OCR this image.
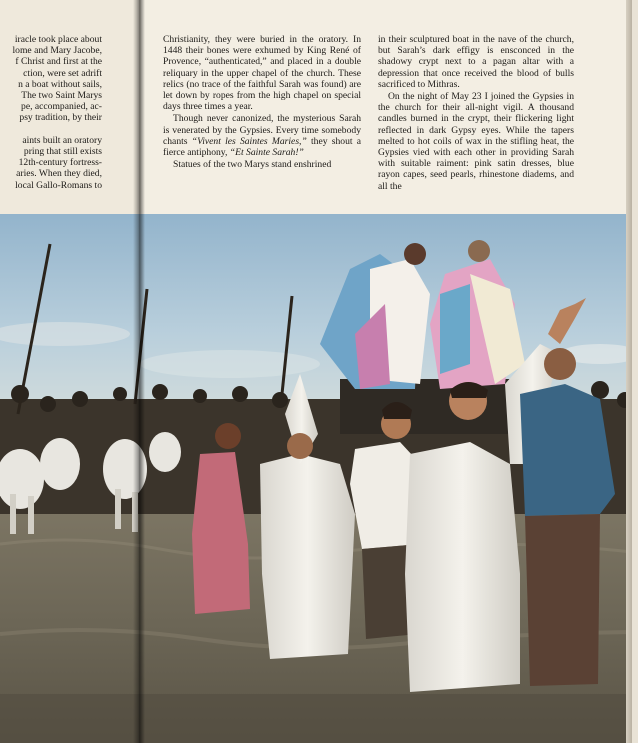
iracle took place about
lome and Mary Jacobe,
f Christ and first at the
ction, were set adrift
n a boat without sails,
The two Saint Marys
pe, accompanied, ac-
psy tradition, by their
aints built an oratory
pring that still exists
12th-century fortress-
aries. When they died,
local Gallo-Romans to

Christianity, they were buried in the oratory. In 1448 their bones were exhumed by King René of Provence, “authenticated,” and placed in a double reliquary in the upper chapel of the church. These relics (no trace of the faithful Sarah was found) are let down by ropes from the high chapel on special days three times a year.

Though never canonized, the mysterious Sarah is venerated by the Gypsies. Every time somebody chants “Vivent les Saintes Maries,” they shout a fierce antiphony, “Et Sainte Sarah!”

Statues of the two Marys stand enshrined

in their sculptured boat in the nave of the church, but Sarah’s dark effigy is ensconced in the shadowy crypt next to a pagan altar with a depression that once received the blood of bulls sacrificed to Mithras.

On the night of May 23 I joined the Gypsies in the church for their all-night vigil. A thousand candles burned in the crypt, their flickering light reflected in dark Gypsy eyes. While the tapers melted to hot coils of wax in the stifling heat, the Gypsies vied with each other in providing Sarah with suitable raiment: pink satin dresses, blue rayon capes, seed pearls, rhinestone diadems, and all the
